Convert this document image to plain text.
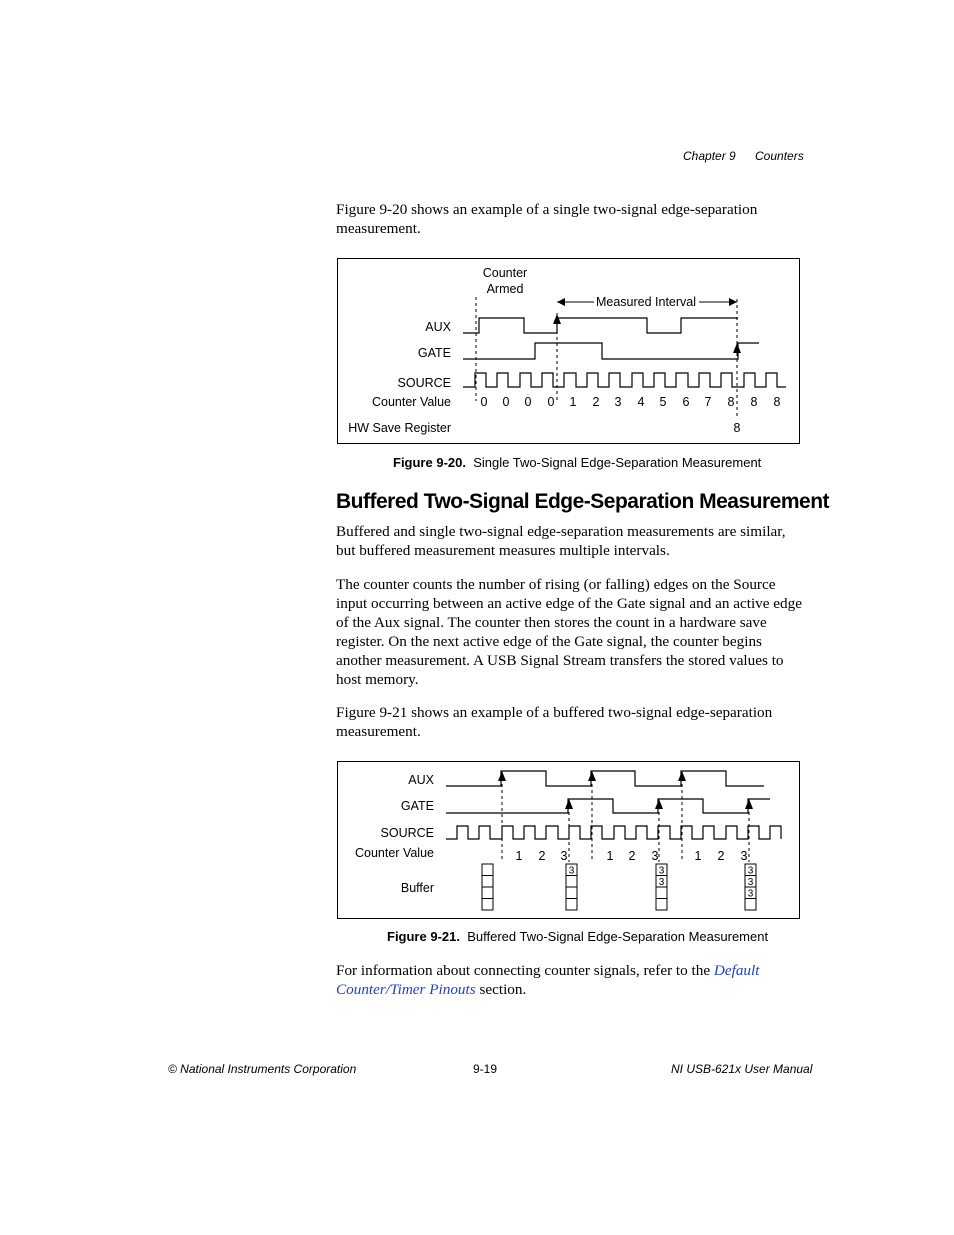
Chapter 9 Counters
Figure 9-20 shows an example of a single two-signal edge-separation measurement.
Counter
Armed
Measured Interval
AUX
GATE
SOURCE
Counter Value
HW Save Register
0 0 0 0 1 2 3 4 5 6 7 8 8 8
8
Figure 9-20. Single Two-Signal Edge-Separation Measurement
Buffered Two-Signal Edge-Separation Measurement
Buffered and single two-signal edge-separation measurements are similar, but buffered measurement measures multiple intervals.
The counter counts the number of rising (or falling) edges on the Source input occurring between an active edge of the Gate signal and an active edge of the Aux signal. The counter then stores the count in a hardware save register. On the next active edge of the Gate signal, the counter begins another measurement. A USB Signal Stream transfers the stored values to host memory.
Figure 9-21 shows an example of a buffered two-signal edge-separation measurement.
AUX
GATE
SOURCE
Counter Value
Buffer
1 2 3	1 2 3	1 2 3
3	3
3
3
3
3
Figure 9-21. Buffered Two-Signal Edge-Separation Measurement
For information about connecting counter signals, refer to the Default Counter/Timer Pinouts section.
© National Instruments Corporation	9-19	NI USB-621x User Manual
